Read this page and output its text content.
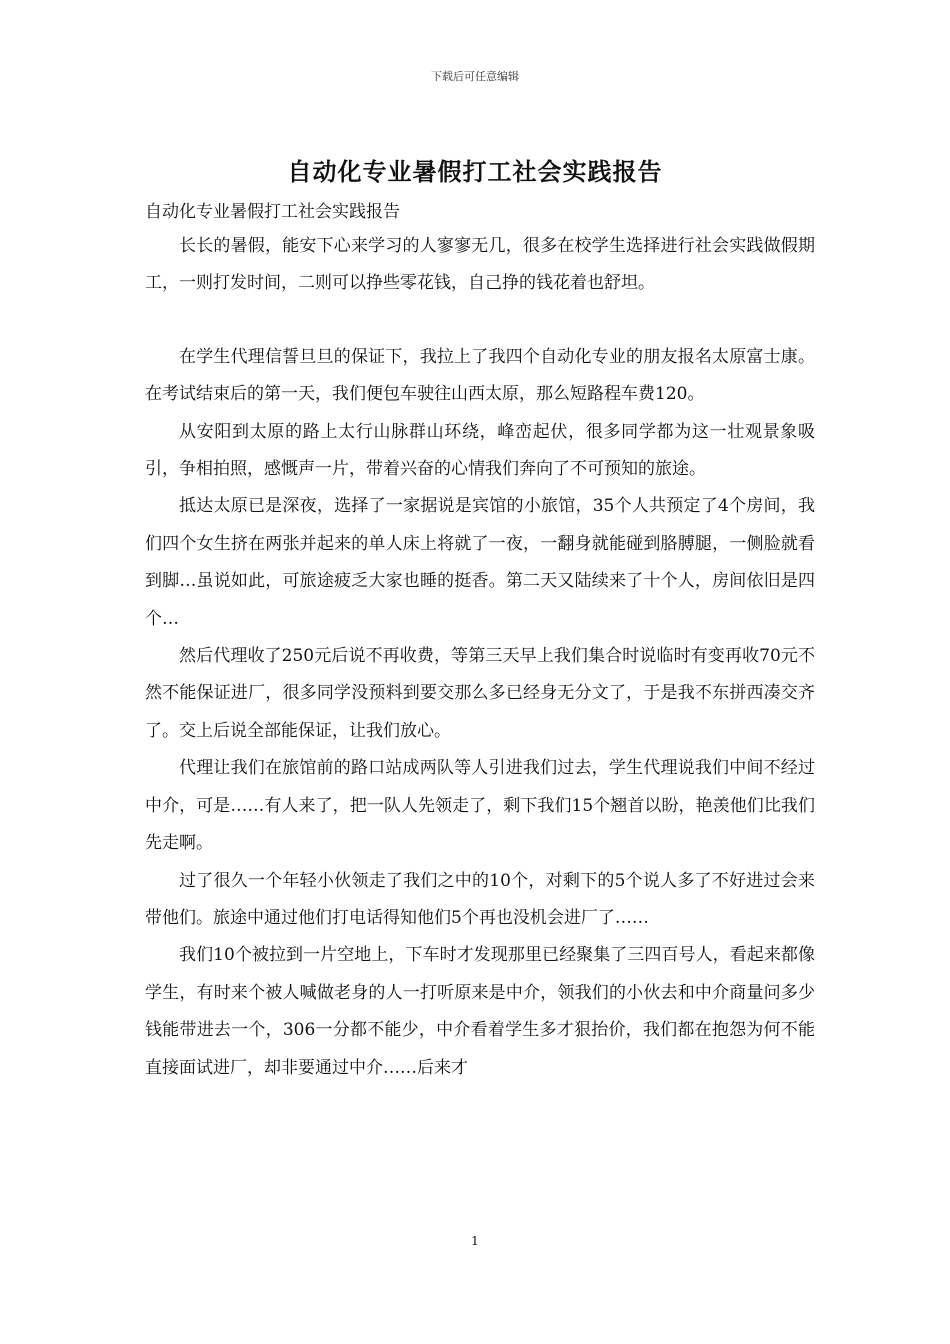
下载后可任意编辑
自动化专业暑假打工社会实践报告

自动化专业暑假打工社会实践报告

长长的暑假，能安下心来学习的人寥寥无几，很多在校学生选择进行社会实践做假期工，一则打发时间，二则可以挣些零花钱，自己挣的钱花着也舒坦。

在学生代理信誓旦旦的保证下，我拉上了我四个自动化专业的朋友报名太原富士康。在考试结束后的第一天，我们便包车驶往山西太原，那么短路程车费120。

从安阳到太原的路上太行山脉群山环绕，峰峦起伏，很多同学都为这一壮观景象吸引，争相拍照，感慨声一片，带着兴奋的心情我们奔向了不可预知的旅途。

抵达太原已是深夜，选择了一家据说是宾馆的小旅馆，35个人共预定了4个房间，我们四个女生挤在两张并起来的单人床上将就了一夜，一翻身就能碰到胳膊腿，一侧脸就看到脚…虽说如此，可旅途疲乏大家也睡的挺香。第二天又陆续来了十个人，房间依旧是四个…

然后代理收了250元后说不再收费，等第三天早上我们集合时说临时有变再收70元不然不能保证进厂，很多同学没预料到要交那么多已经身无分文了，于是我不东拼西凑交齐了。交上后说全部能保证，让我们放心。

代理让我们在旅馆前的路口站成两队等人引进我们过去，学生代理说我们中间不经过中介，可是……有人来了，把一队人先领走了，剩下我们15个翘首以盼，艳羡他们比我们先走啊。

过了很久一个年轻小伙领走了我们之中的10个，对剩下的5个说人多了不好进过会来带他们。旅途中通过他们打电话得知他们5个再也没机会进厂了……

我们10个被拉到一片空地上，下车时才发现那里已经聚集了三四百号人，看起来都像学生，有时来个被人喊做老身的人一打听原来是中介，领我们的小伙去和中介商量问多少钱能带进去一个，306一分都不能少，中介看着学生多才狠抬价，我们都在抱怨为何不能直接面试进厂，却非要通过中介……后来才

1
